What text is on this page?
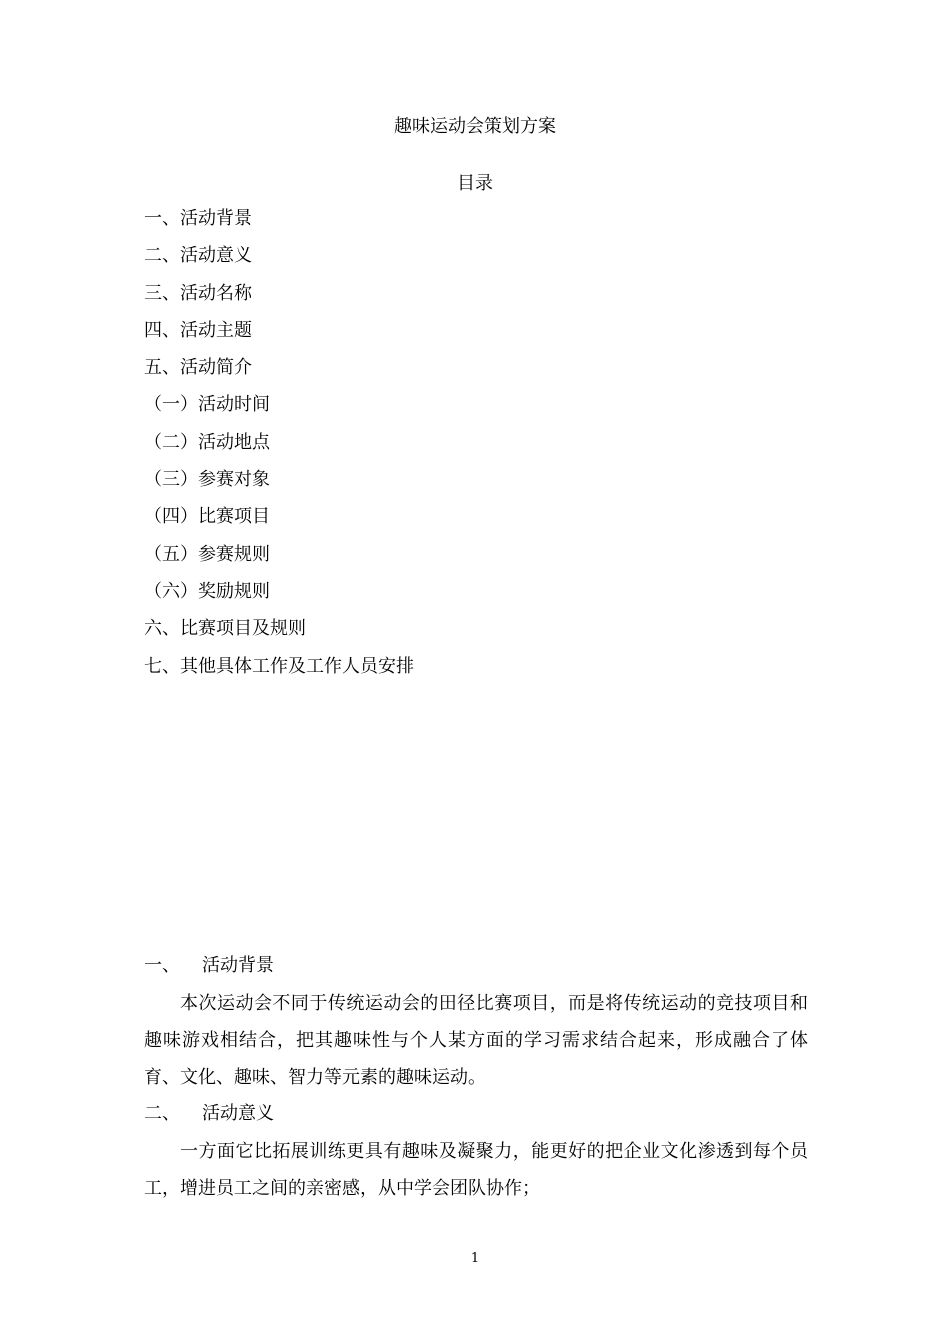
趣味运动会策划方案
目录
一、活动背景
二、活动意义
三、活动名称
四、活动主题
五、活动简介
（一）活动时间
（二）活动地点
（三）参赛对象
（四）比赛项目
（五）参赛规则
（六）奖励规则
六、比赛项目及规则
七、其他具体工作及工作人员安排
一、 活动背景

本次运动会不同于传统运动会的田径比赛项目，而是将传统运动的竞技项目和趣味游戏相结合，把其趣味性与个人某方面的学习需求结合起来，形成融合了体育、文化、趣味、智力等元素的趣味运动。

二、 活动意义

一方面它比拓展训练更具有趣味及凝聚力，能更好的把企业文化渗透到每个员工，增进员工之间的亲密感，从中学会团队协作；

1
